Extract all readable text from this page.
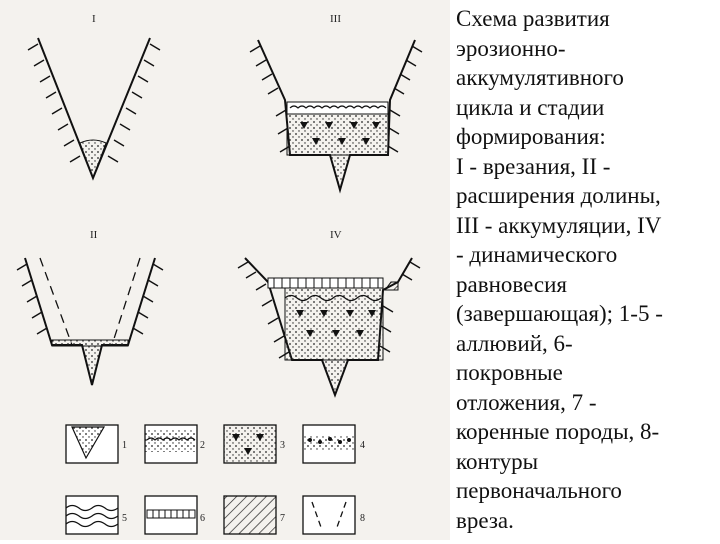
I	III
II	IV
1	2	3	4
5	6	7	8
Схема развития
эрозионно-
аккумулятивного
цикла и стадии
формирования:
I - врезания, II -
расширения долины,
III - аккумуляции, IV
- динамического
равновесия
(завершающая); 1-5 -
аллювий, 6-
покровные
отложения, 7 -
коренные породы, 8-
контуры
первоначального
вреза.
